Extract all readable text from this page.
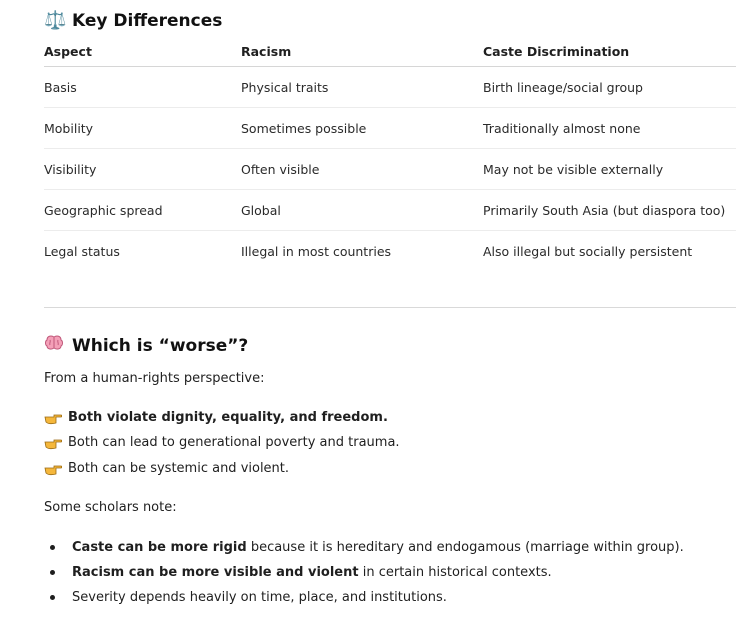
⚖️ Key Differences
Aspect	Racism	Caste Discrimination
Basis	Physical traits	Birth lineage/social group
Mobility	Sometimes possible	Traditionally almost none
Visibility	Often visible	May not be visible externally
Geographic spread	Global	Primarily South Asia (but diaspora too)
Legal status	Illegal in most countries	Also illegal but socially persistent
Which is “worse”?
From a human-rights perspective:
Both violate dignity, equality, and freedom.
Both can lead to generational poverty and trauma.
Both can be systemic and violent.
Some scholars note:
Caste can be more rigid because it is hereditary and endogamous (marriage within group).
Racism can be more visible and violent in certain historical contexts.
Severity depends heavily on time, place, and institutions.
